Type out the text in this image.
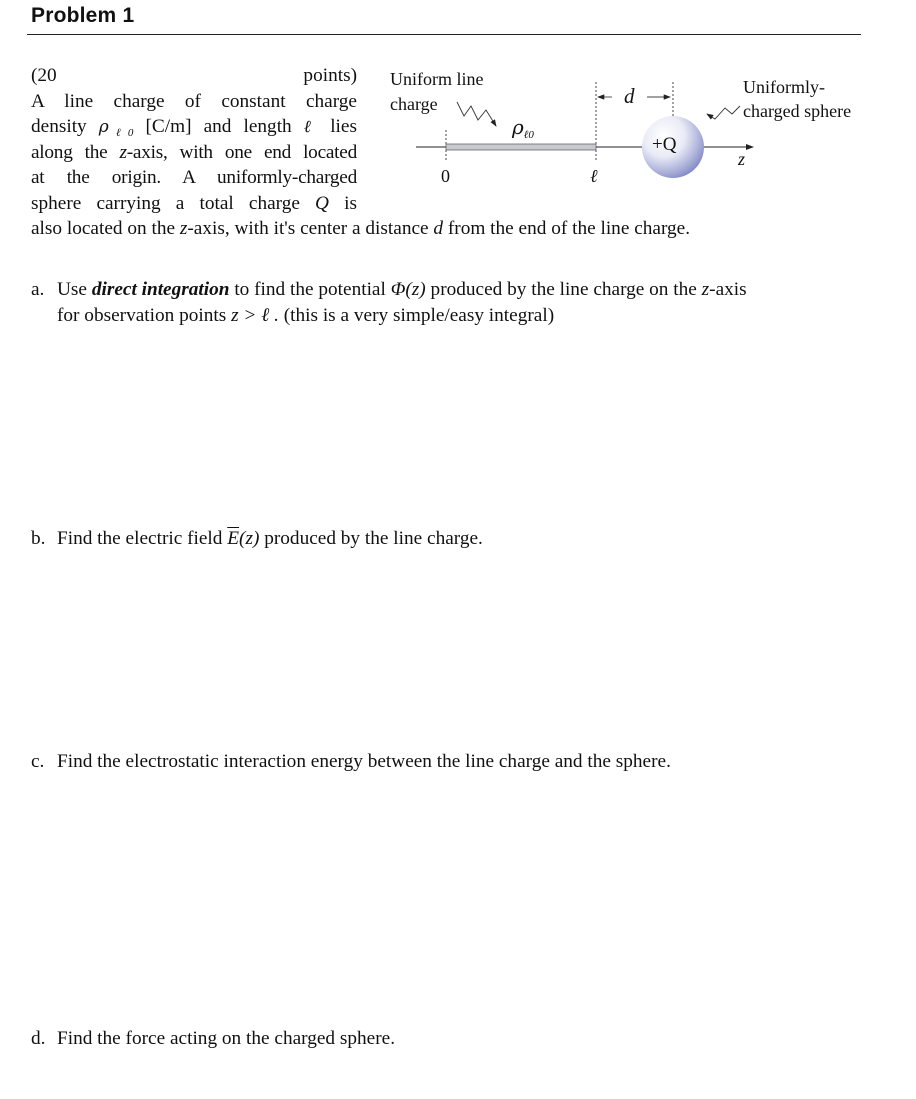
Problem 1
(20 points)
A line charge of constant charge
density $\rho_{\ell 0}$ [C/m] and length ℓ lies
along the z-axis, with one end located
at the origin. A uniformly-charged
sphere carrying a total charge Q is
also located on the z-axis, with it's center a distance d from the end of the line charge.
Uniform line
charge
Uniformly-
charged sphere
$\rho_{\ell 0}$	+Q
d
z
0	ℓ
a. Use direct integration to find the potential Φ(z) produced by the line charge on the z-axis
for observation points z > ℓ . (this is a very simple/easy integral)
b. Find the electric field $\overline{E}(z)$ produced by the line charge.
c. Find the electrostatic interaction energy between the line charge and the sphere.
d. Find the force acting on the charged sphere.
